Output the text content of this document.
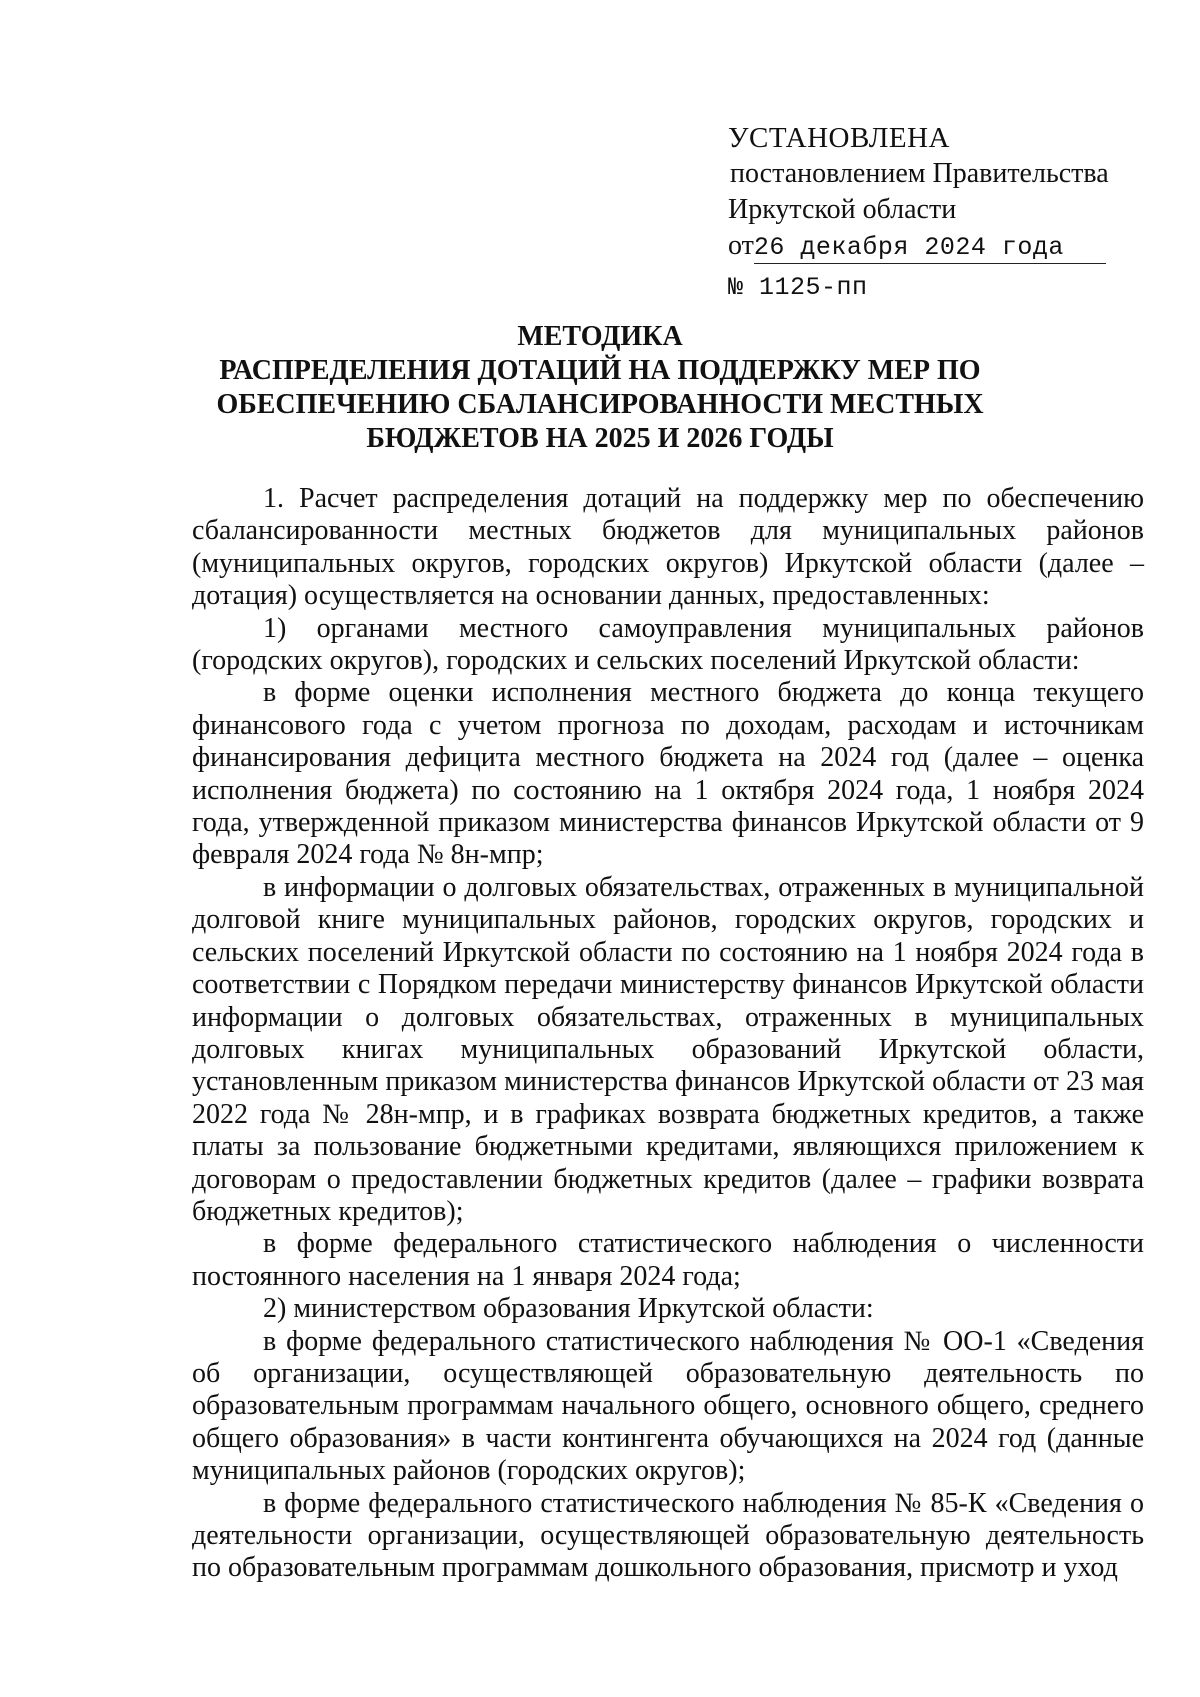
УСТАНОВЛЕНА
постановлением Правительства
Иркутской области
от26 декабря 2024 года
№ 1125-пп
МЕТОДИКА
РАСПРЕДЕЛЕНИЯ ДОТАЦИЙ НА ПОДДЕРЖКУ МЕР ПО
ОБЕСПЕЧЕНИЮ СБАЛАНСИРОВАННОСТИ МЕСТНЫХ
БЮДЖЕТОВ НА 2025 И 2026 ГОДЫ

1. Расчет распределения дотаций на поддержку мер по обеспечению сбалансированности местных бюджетов для муниципальных районов (муниципальных округов, городских округов) Иркутской области (далее – дотация) осуществляется на основании данных, предоставленных:

1) органами местного самоуправления муниципальных районов (городских округов), городских и сельских поселений Иркутской области:

в форме оценки исполнения местного бюджета до конца текущего финансового года с учетом прогноза по доходам, расходам и источникам финансирования дефицита местного бюджета на 2024 год (далее – оценка исполнения бюджета) по состоянию на 1 октября 2024 года, 1 ноября 2024 года, утвержденной приказом министерства финансов Иркутской области от 9 февраля 2024 года № 8н-мпр;

в информации о долговых обязательствах, отраженных в муниципальной долговой книге муниципальных районов, городских округов, городских и сельских поселений Иркутской области по состоянию на 1 ноября 2024 года в соответствии с Порядком передачи министерству финансов Иркутской области информации о долговых обязательствах, отраженных в муниципальных долговых книгах муниципальных образований Иркутской области, установленным приказом министерства финансов Иркутской области от 23 мая 2022 года № 28н-мпр, и в графиках возврата бюджетных кредитов, а также платы за пользование бюджетными кредитами, являющихся приложением к договорам о предоставлении бюджетных кредитов (далее – графики возврата бюджетных кредитов);

в форме федерального статистического наблюдения о численности постоянного населения на 1 января 2024 года;

2) министерством образования Иркутской области:

в форме федерального статистического наблюдения № ОО-1 «Сведения об организации, осуществляющей образовательную деятельность по образовательным программам начального общего, основного общего, среднего общего образования» в части контингента обучающихся на 2024 год (данные муниципальных районов (городских округов);

в форме федерального статистического наблюдения № 85-К «Сведения о деятельности организации, осуществляющей образовательную деятельность по образовательным программам дошкольного образования, присмотр и уход
